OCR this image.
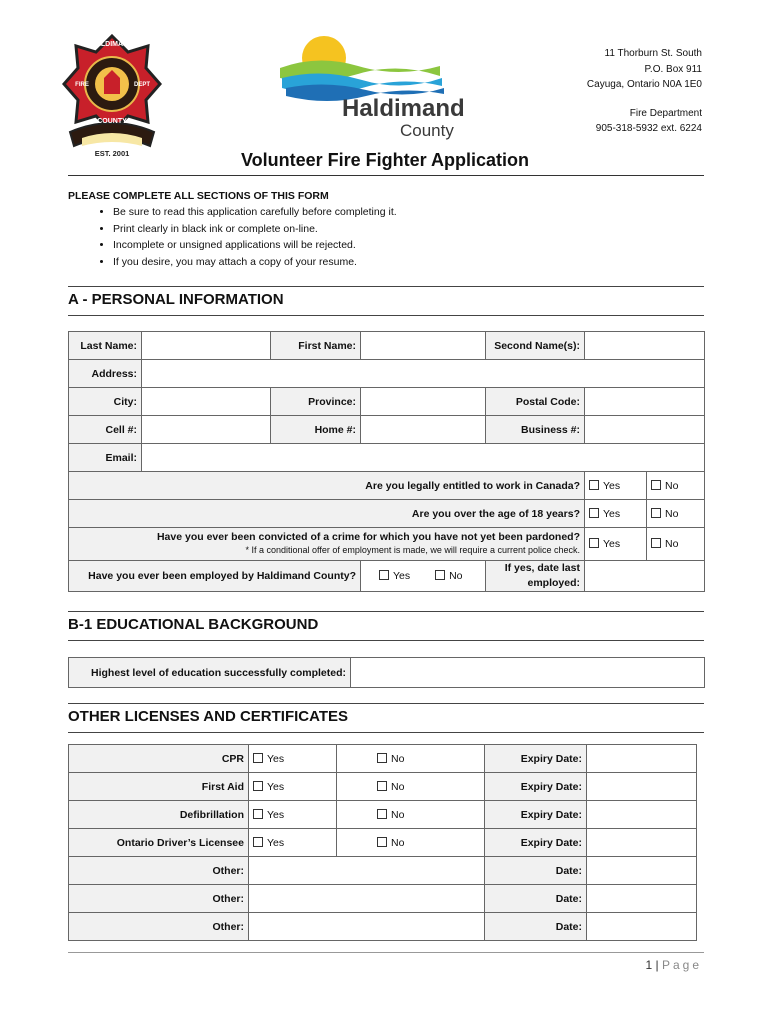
HALDIMAND
FIRE	DEPT
COUNTY
EST. 2001
Haldimand
County
11 Thorburn St. South
P.O. Box 911
Cayuga, Ontario N0A 1E0
Fire Department
905-318-5932 ext. 6224
Volunteer Fire Fighter Application
PLEASE COMPLETE ALL SECTIONS OF THIS FORM
• Be sure to read this application carefully before completing it.
• Print clearly in black ink or complete on-line.
• Incomplete or unsigned applications will be rejected.
• If you desire, you may attach a copy of your resume.
A - PERSONAL INFORMATION
Last Name:		First Name:		Second Name(s):		
Address:						
City:		Province:		Postal Code:		
Cell #:		Home #:		Business #:		
Email:						
Are you legally entitled to work in Canada?					Yes	No
Are you over the age of 18 years?					Yes	No

Have you ever been convicted of a crime for which you have not yet been pardoned?
* If a conditional offer of employment is made, we will require a current police check.					Yes	No
Have you ever been employed by Haldimand County?			Yes No	If yes, date last employed:		
B-1 EDUCATIONAL BACKGROUND
Highest level of education successfully completed:	
OTHER LICENSES AND CERTIFICATES
CPR	Yes	No	Expiry Date:	
First Aid	Yes	No	Expiry Date:	
Defibrillation	Yes	No	Expiry Date:	
Ontario Driver’s Licensee	Yes	No	Expiry Date:	
Other:			Date:	
Other:			Date:	
Other:			Date:	
1 | Page
